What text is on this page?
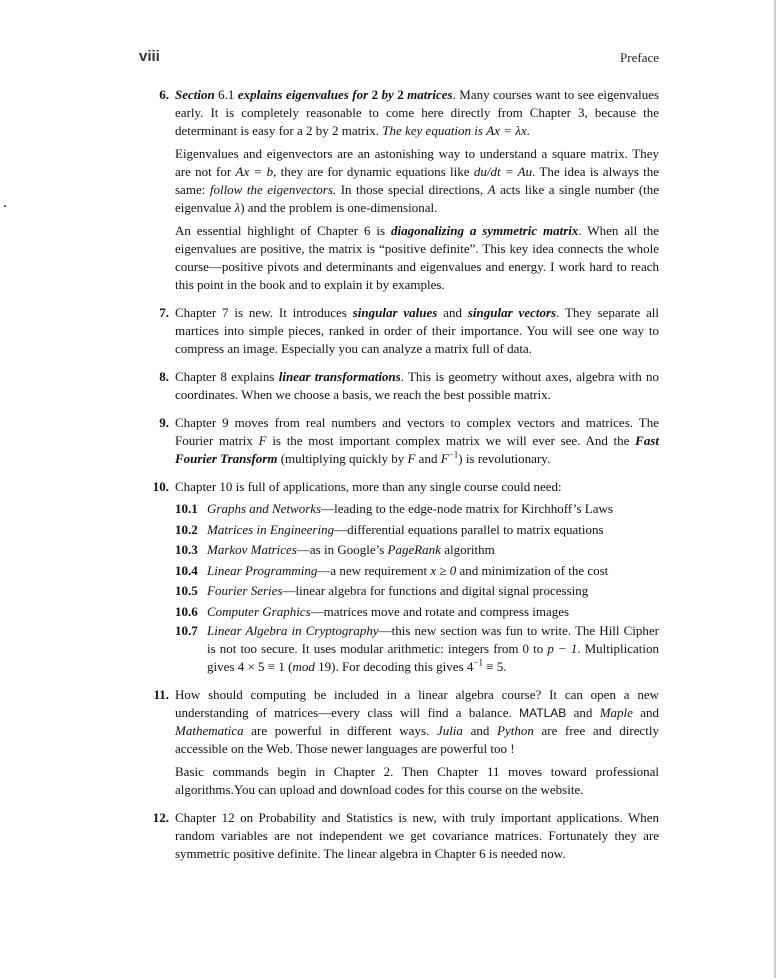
viii	Preface
6. Section 6.1 explains eigenvalues for 2 by 2 matrices. Many courses want to see eigenvalues early. It is completely reasonable to come here directly from Chapter 3, because the determinant is easy for a 2 by 2 matrix. The key equation is Ax = λx.

Eigenvalues and eigenvectors are an astonishing way to understand a square matrix. They are not for Ax = b, they are for dynamic equations like du/dt = Au. The idea is always the same: follow the eigenvectors. In those special directions, A acts like a single number (the eigenvalue λ) and the problem is one-dimensional.

An essential highlight of Chapter 6 is diagonalizing a symmetric matrix. When all the eigenvalues are positive, the matrix is “positive definite”. This key idea connects the whole course—positive pivots and determinants and eigenvalues and energy. I work hard to reach this point in the book and to explain it by examples.

7. Chapter 7 is new. It introduces singular values and singular vectors. They separate all martices into simple pieces, ranked in order of their importance. You will see one way to compress an image. Especially you can analyze a matrix full of data.

8. Chapter 8 explains linear transformations. This is geometry without axes, algebra with no coordinates. When we choose a basis, we reach the best possible matrix.

9. Chapter 9 moves from real numbers and vectors to complex vectors and matrices. The Fourier matrix F is the most important complex matrix we will ever see. And the Fast Fourier Transform (multiplying quickly by F and $F^{-1}$) is revolutionary.

10. Chapter 10 is full of applications, more than any single course could need:

10.1 Graphs and Networks—leading to the edge-node matrix for Kirchhoff’s Laws
10.2 Matrices in Engineering—differential equations parallel to matrix equations
10.3 Markov Matrices—as in Google’s PageRank algorithm
10.4 Linear Programming—a new requirement x ≥ 0 and minimization of the cost
10.5 Fourier Series—linear algebra for functions and digital signal processing
10.6 Computer Graphics—matrices move and rotate and compress images
10.7 Linear Algebra in Cryptography—this new section was fun to write. The Hill Cipher is not too secure. It uses modular arithmetic: integers from 0 to p − 1. Multiplication gives 4 × 5 ≡ 1 (mod 19). For decoding this gives $4^{-1} \equiv 5$.
11. How should computing be included in a linear algebra course? It can open a new understanding of matrices—every class will find a balance. MATLAB and Maple and Mathematica are powerful in different ways. Julia and Python are free and directly accessible on the Web. Those newer languages are powerful too !

Basic commands begin in Chapter 2. Then Chapter 11 moves toward professional algorithms.You can upload and download codes for this course on the website.

12. Chapter 12 on Probability and Statistics is new, with truly important applications. When random variables are not independent we get covariance matrices. Fortunately they are symmetric positive definite. The linear algebra in Chapter 6 is needed now.
